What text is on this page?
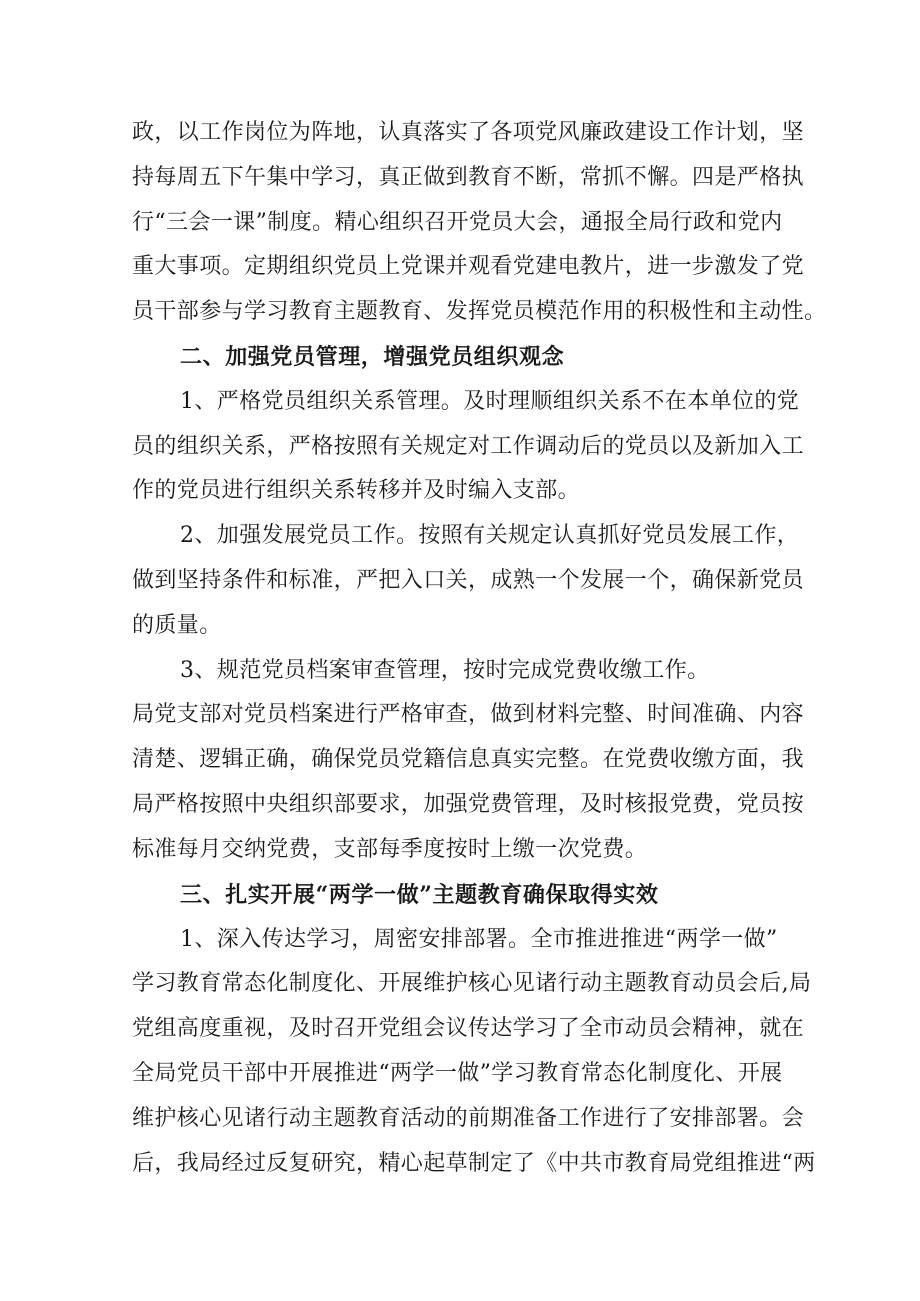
政，以工作岗位为阵地，认真落实了各项党风廉政建设工作计划，坚
持每周五下午集中学习，真正做到教育不断，常抓不懈。四是严格执
行“三会一课”制度。精心组织召开党员大会，通报全局行政和党内
重大事项。定期组织党员上党课并观看党建电教片，进一步激发了党
员干部参与学习教育主题教育、发挥党员模范作用的积极性和主动性。
二、加强党员管理，增强党员组织观念
1、严格党员组织关系管理。及时理顺组织关系不在本单位的党
员的组织关系，严格按照有关规定对工作调动后的党员以及新加入工
作的党员进行组织关系转移并及时编入支部。
2、加强发展党员工作。按照有关规定认真抓好党员发展工作，
做到坚持条件和标准，严把入口关，成熟一个发展一个，确保新党员
的质量。
3、规范党员档案审查管理，按时完成党费收缴工作。
局党支部对党员档案进行严格审查，做到材料完整、时间准确、内容
清楚、逻辑正确，确保党员党籍信息真实完整。在党费收缴方面，我
局严格按照中央组织部要求，加强党费管理，及时核报党费，党员按
标准每月交纳党费，支部每季度按时上缴一次党费。
三、扎实开展“两学一做”主题教育确保取得实效
1、深入传达学习，周密安排部署。全市推进推进“两学一做”
学习教育常态化制度化、开展维护核心见诸行动主题教育动员会后,局
党组高度重视，及时召开党组会议传达学习了全市动员会精神，就在
全局党员干部中开展推进“两学一做”学习教育常态化制度化、开展
维护核心见诸行动主题教育活动的前期准备工作进行了安排部署。会
后，我局经过反复研究，精心起草制定了《中共市教育局党组推进“两
